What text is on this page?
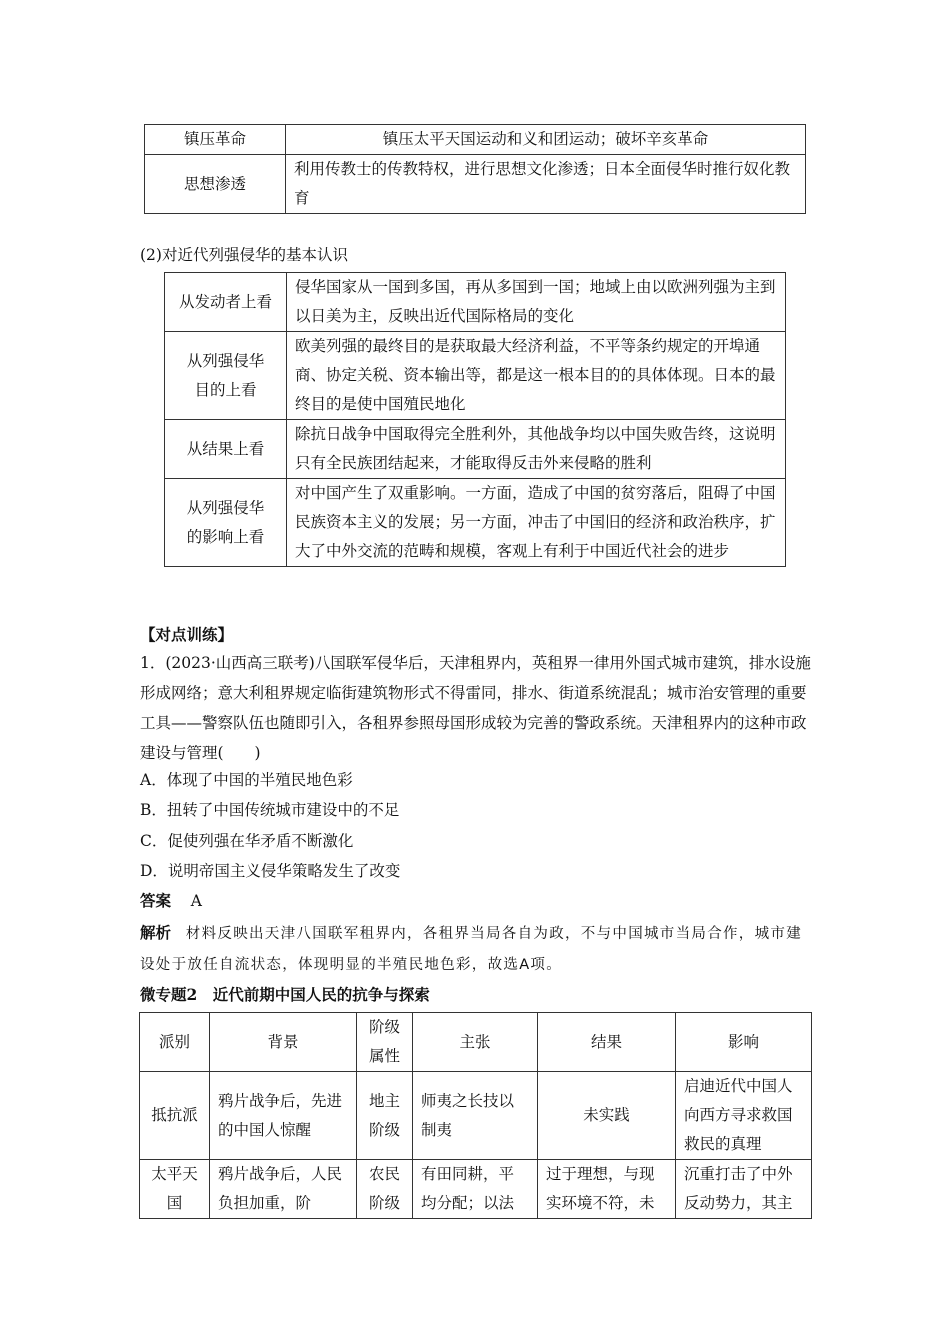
镇压革命	镇压太平天国运动和义和团运动；破坏辛亥革命
思想渗透	利用传教士的传教特权，进行思想文化渗透；日本全面侵华时推行奴化教育

(2)对近代列强侵华的基本认识

从发动者上看	侵华国家从一国到多国，再从多国到一国；地域上由以欧洲列强为主到以日美为主，反映出近代国际格局的变化
从列强侵华目的上看	欧美列强的最终目的是获取最大经济利益，不平等条约规定的开埠通商、协定关税、资本输出等，都是这一根本目的的具体体现。日本的最终目的是使中国殖民地化
从结果上看	除抗日战争中国取得完全胜利外，其他战争均以中国失败告终，这说明只有全民族团结起来，才能取得反击外来侵略的胜利
从列强侵华的影响上看	对中国产生了双重影响。一方面，造成了中国的贫穷落后，阻碍了中国民族资本主义的发展；另一方面，冲击了中国旧的经济和政治秩序，扩大了中外交流的范畴和规模，客观上有利于中国近代社会的进步

【对点训练】

1．(2023·山西高三联考)八国联军侵华后，天津租界内，英租界一律用外国式城市建筑，排水设施形成网络；意大利租界规定临街建筑物形式不得雷同，排水、街道系统混乱；城市治安管理的重要工具——警察队伍也随即引入，各租界参照母国形成较为完善的警政系统。天津租界内的这种市政建设与管理(　　)

A．体现了中国的半殖民地色彩

B．扭转了中国传统城市建设中的不足

C．促使列强在华矛盾不断激化

D．说明帝国主义侵华策略发生了改变

答案 A

解析 材料反映出天津八国联军租界内，各租界当局各自为政，不与中国城市当局合作，城市建设处于放任自流状态，体现明显的半殖民地色彩，故选A项。

微专题2　近代前期中国人民的抗争与探索

派别	背景	阶级属性	主张	结果	影响
抵抗派	鸦片战争后，先进的中国人惊醒	地主阶级	师夷之长技以制夷	未实践	启迪近代中国人向西方寻求救国救民的真理
太平天国	鸦片战争后，人民负担加重，阶	农民阶级	有田同耕，平均分配；以法	过于理想，与现实环境不符，未	沉重打击了中外反动势力，其主
